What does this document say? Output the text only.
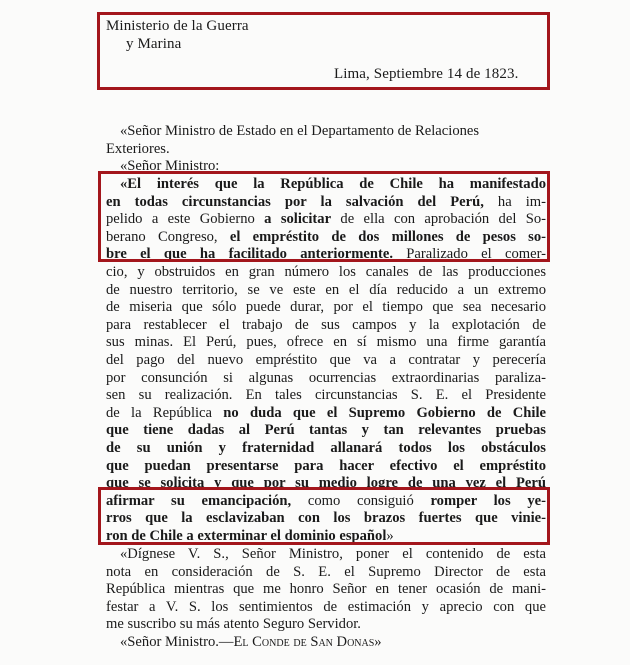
Ministerio de la Guerra
y Marina
Lima, Septiembre 14 de 1823.
«Señor Ministro de Estado en el Departamento de Relaciones
Exteriores.
«Señor Ministro:
«El interés que la República de Chile ha manifestado
en todas circunstancias por la salvación del Perú, ha im-
pelido a este Gobierno a solicitar de ella con aprobación del So-
berano Congreso, el empréstito de dos millones de pesos so-
bre el que ha facilitado anteriormente. Paralizado el comer-
cio, y obstruidos en gran número los canales de las producciones
de nuestro territorio, se ve este en el día reducido a un extremo
de miseria que sólo puede durar, por el tiempo que sea necesario
para restablecer el trabajo de sus campos y la explotación de
sus minas. El Perú, pues, ofrece en sí mismo una firme garantía
del pago del nuevo empréstito que va a contratar y perecería
por consunción si algunas ocurrencias extraordinarias paraliza-
sen su realización. En tales circunstancias S. E. el Presidente
de la República no duda que el Supremo Gobierno de Chile
que tiene dadas al Perú tantas y tan relevantes pruebas
de su unión y fraternidad allanará todos los obstáculos
que puedan presentarse para hacer efectivo el empréstito
que se solicita y que por su medio logre de una vez el Perú
afirmar su emancipación, como consiguió romper los ye-
rros que la esclavizaban con los brazos fuertes que vinie-
ron de Chile a exterminar el dominio español»
«Dígnese V. S., Señor Ministro, poner el contenido de esta
nota en consideración de S. E. el Supremo Director de esta
República mientras que me honro Señor en tener ocasión de mani-
festar a V. S. los sentimientos de estimación y aprecio con que
me suscribo su más atento Seguro Servidor.
«Señor Ministro.—El Conde de San Donas»
